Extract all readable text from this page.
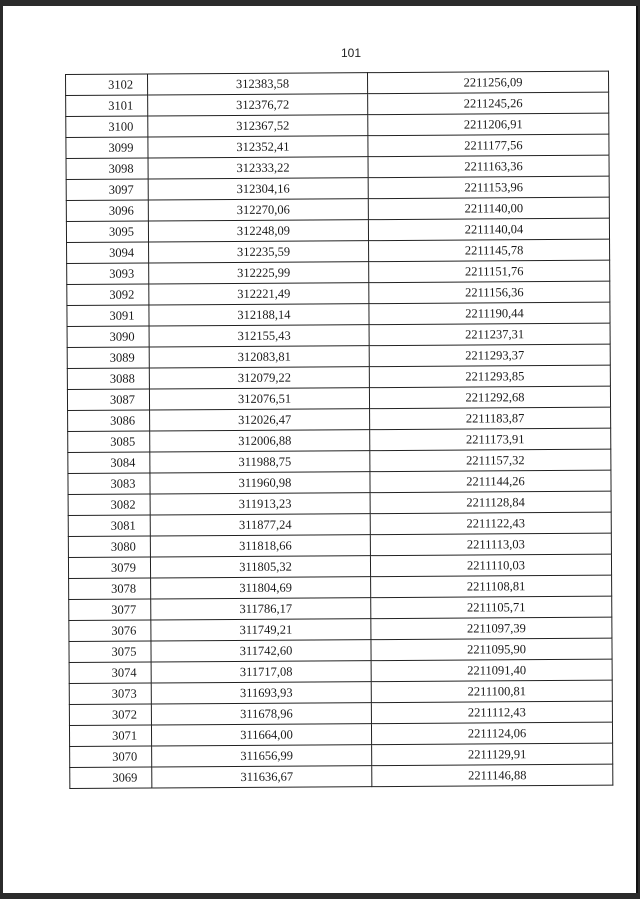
101
3102	312383,58	2211256,09
3101	312376,72	2211245,26
3100	312367,52	2211206,91
3099	312352,41	2211177,56
3098	312333,22	2211163,36
3097	312304,16	2211153,96
3096	312270,06	2211140,00
3095	312248,09	2211140,04
3094	312235,59	2211145,78
3093	312225,99	2211151,76
3092	312221,49	2211156,36
3091	312188,14	2211190,44
3090	312155,43	2211237,31
3089	312083,81	2211293,37
3088	312079,22	2211293,85
3087	312076,51	2211292,68
3086	312026,47	2211183,87
3085	312006,88	2211173,91
3084	311988,75	2211157,32
3083	311960,98	2211144,26
3082	311913,23	2211128,84
3081	311877,24	2211122,43
3080	311818,66	2211113,03
3079	311805,32	2211110,03
3078	311804,69	2211108,81
3077	311786,17	2211105,71
3076	311749,21	2211097,39
3075	311742,60	2211095,90
3074	311717,08	2211091,40
3073	311693,93	2211100,81
3072	311678,96	2211112,43
3071	311664,00	2211124,06
3070	311656,99	2211129,91
3069	311636,67	2211146,88
